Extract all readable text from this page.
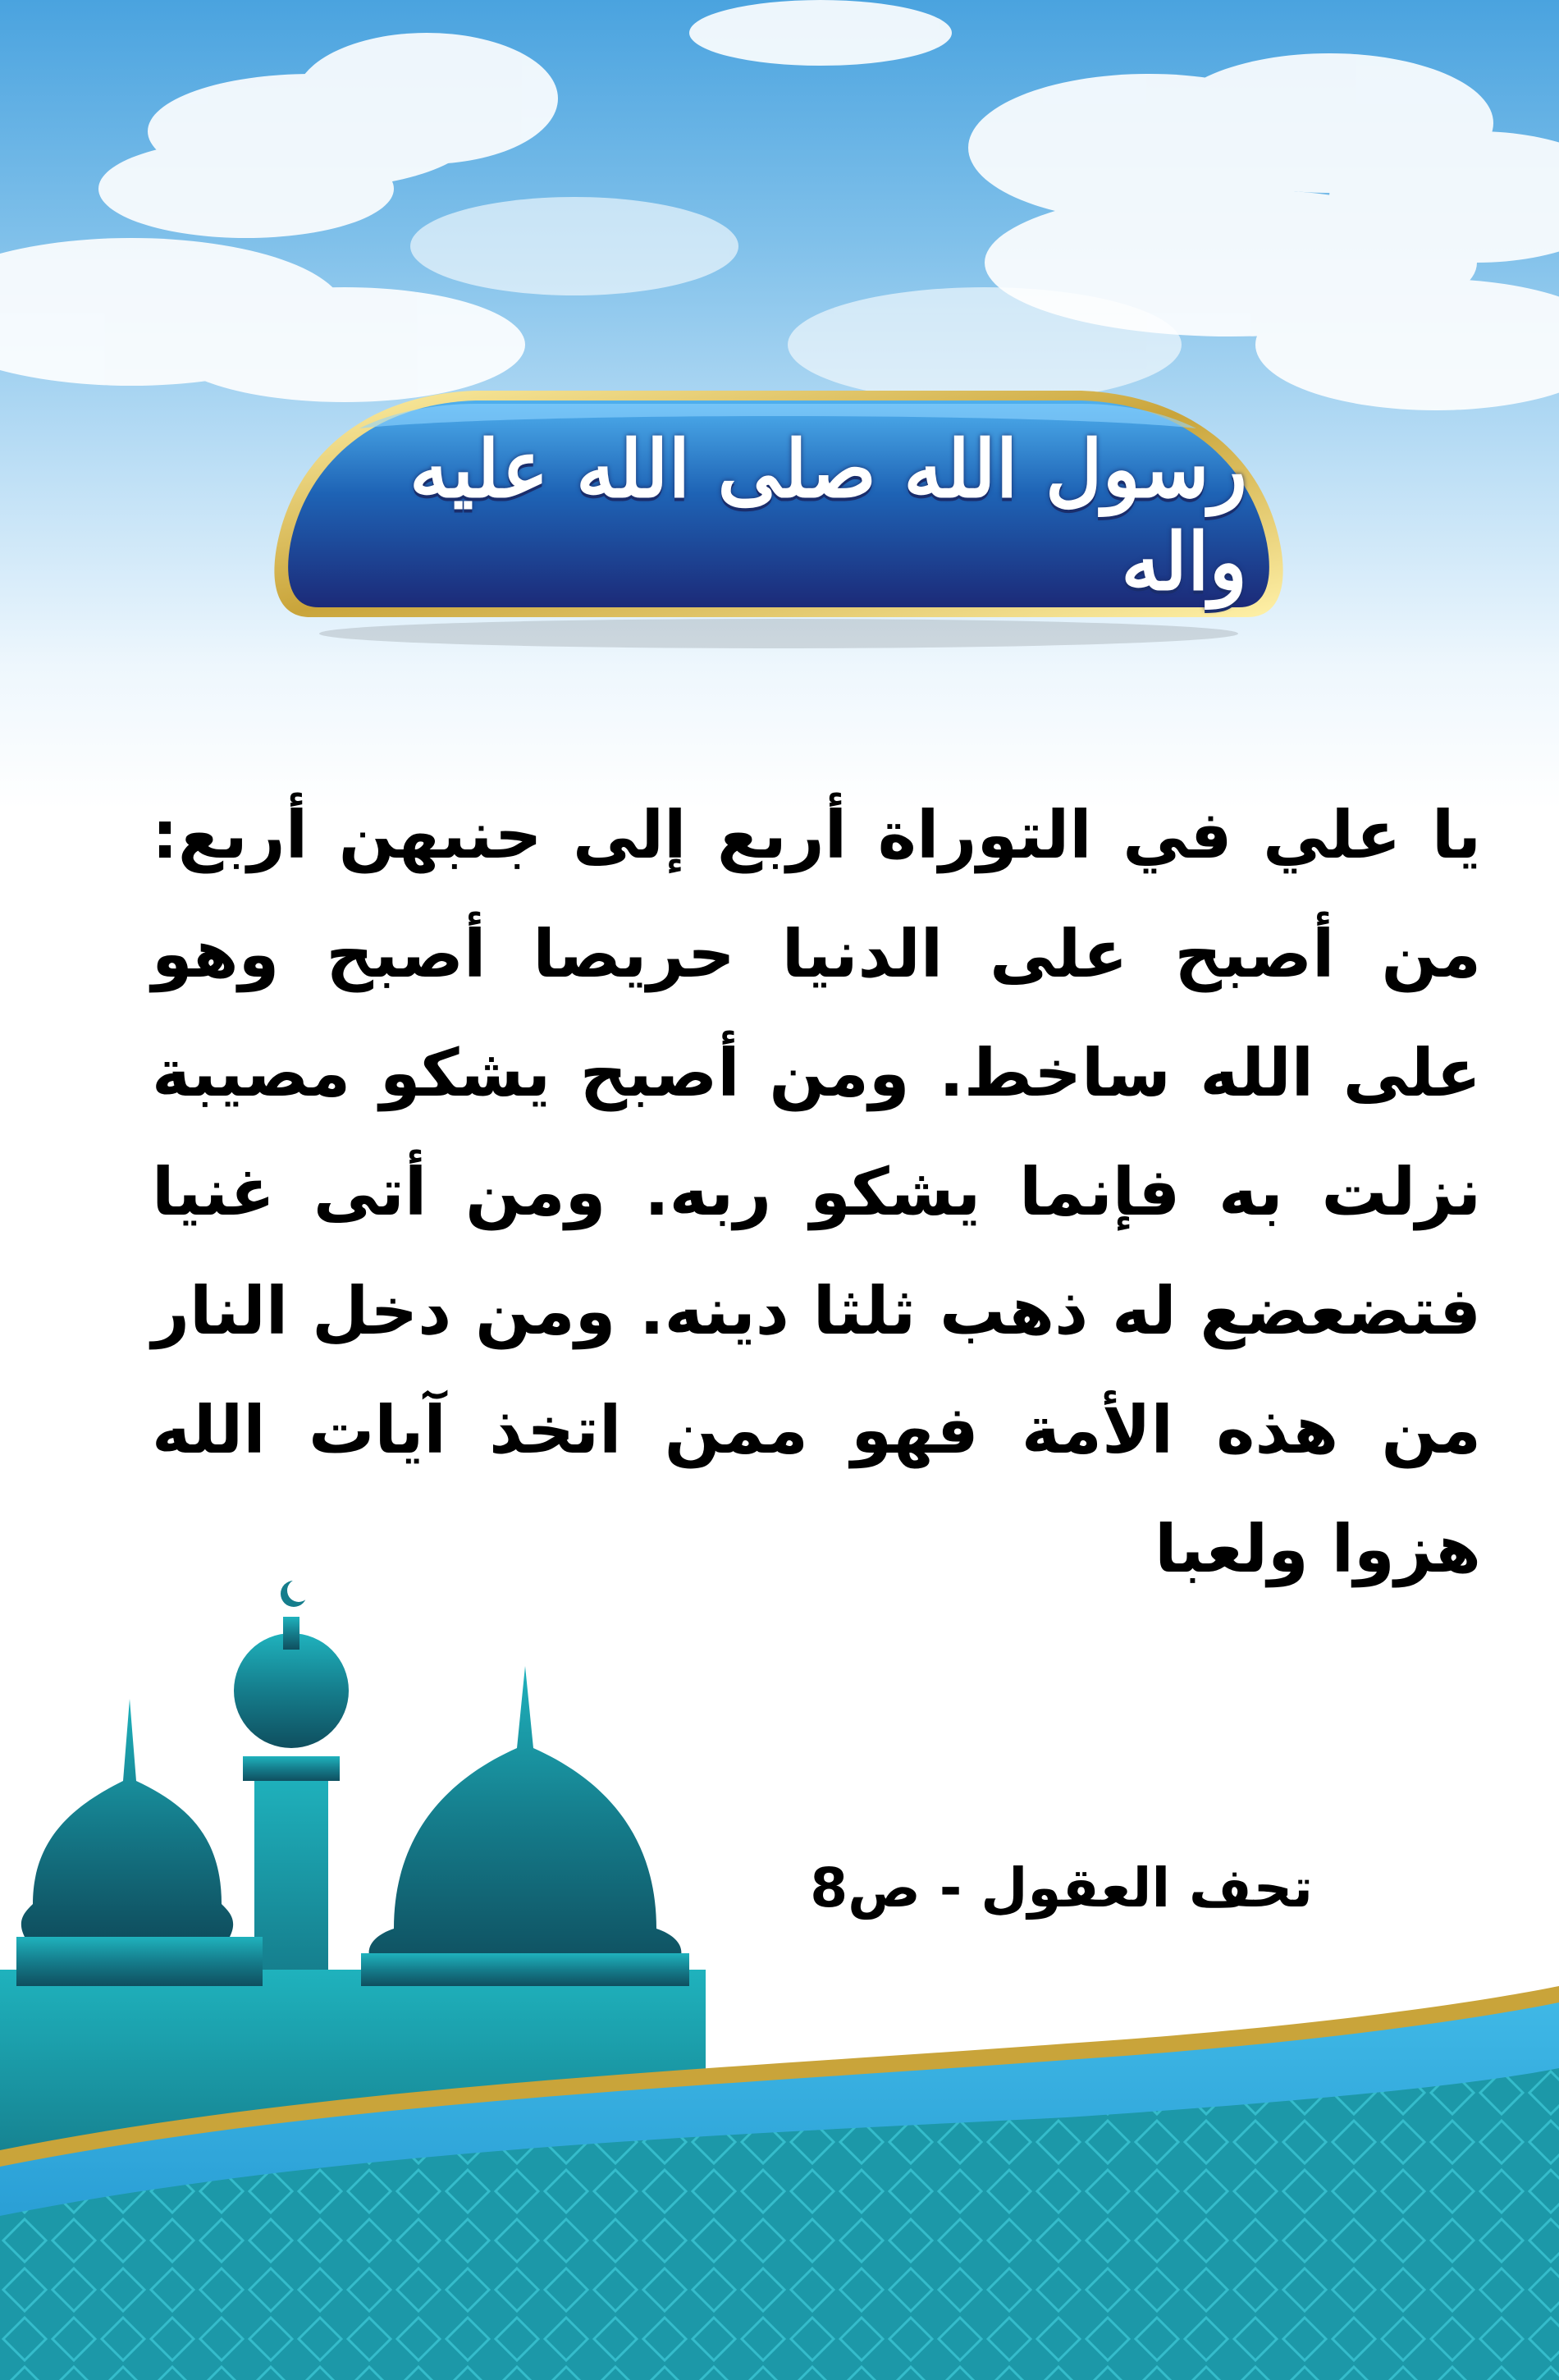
رسول الله صلى الله عليه واله
يا علي في التوراة أربع إلى جنبهن أربع: من أصبح على الدنيا حريصا أصبح وهو على الله ساخط. ومن أصبح يشكو مصيبة نزلت به فإنما يشكو ربه. ومن أتى غنيا فتضعضع له ذهب ثلثا دينه. ومن دخل النار من هذه الأمة فهو ممن اتخذ آيات الله هزوا ولعبا
تحف العقول - ص8
